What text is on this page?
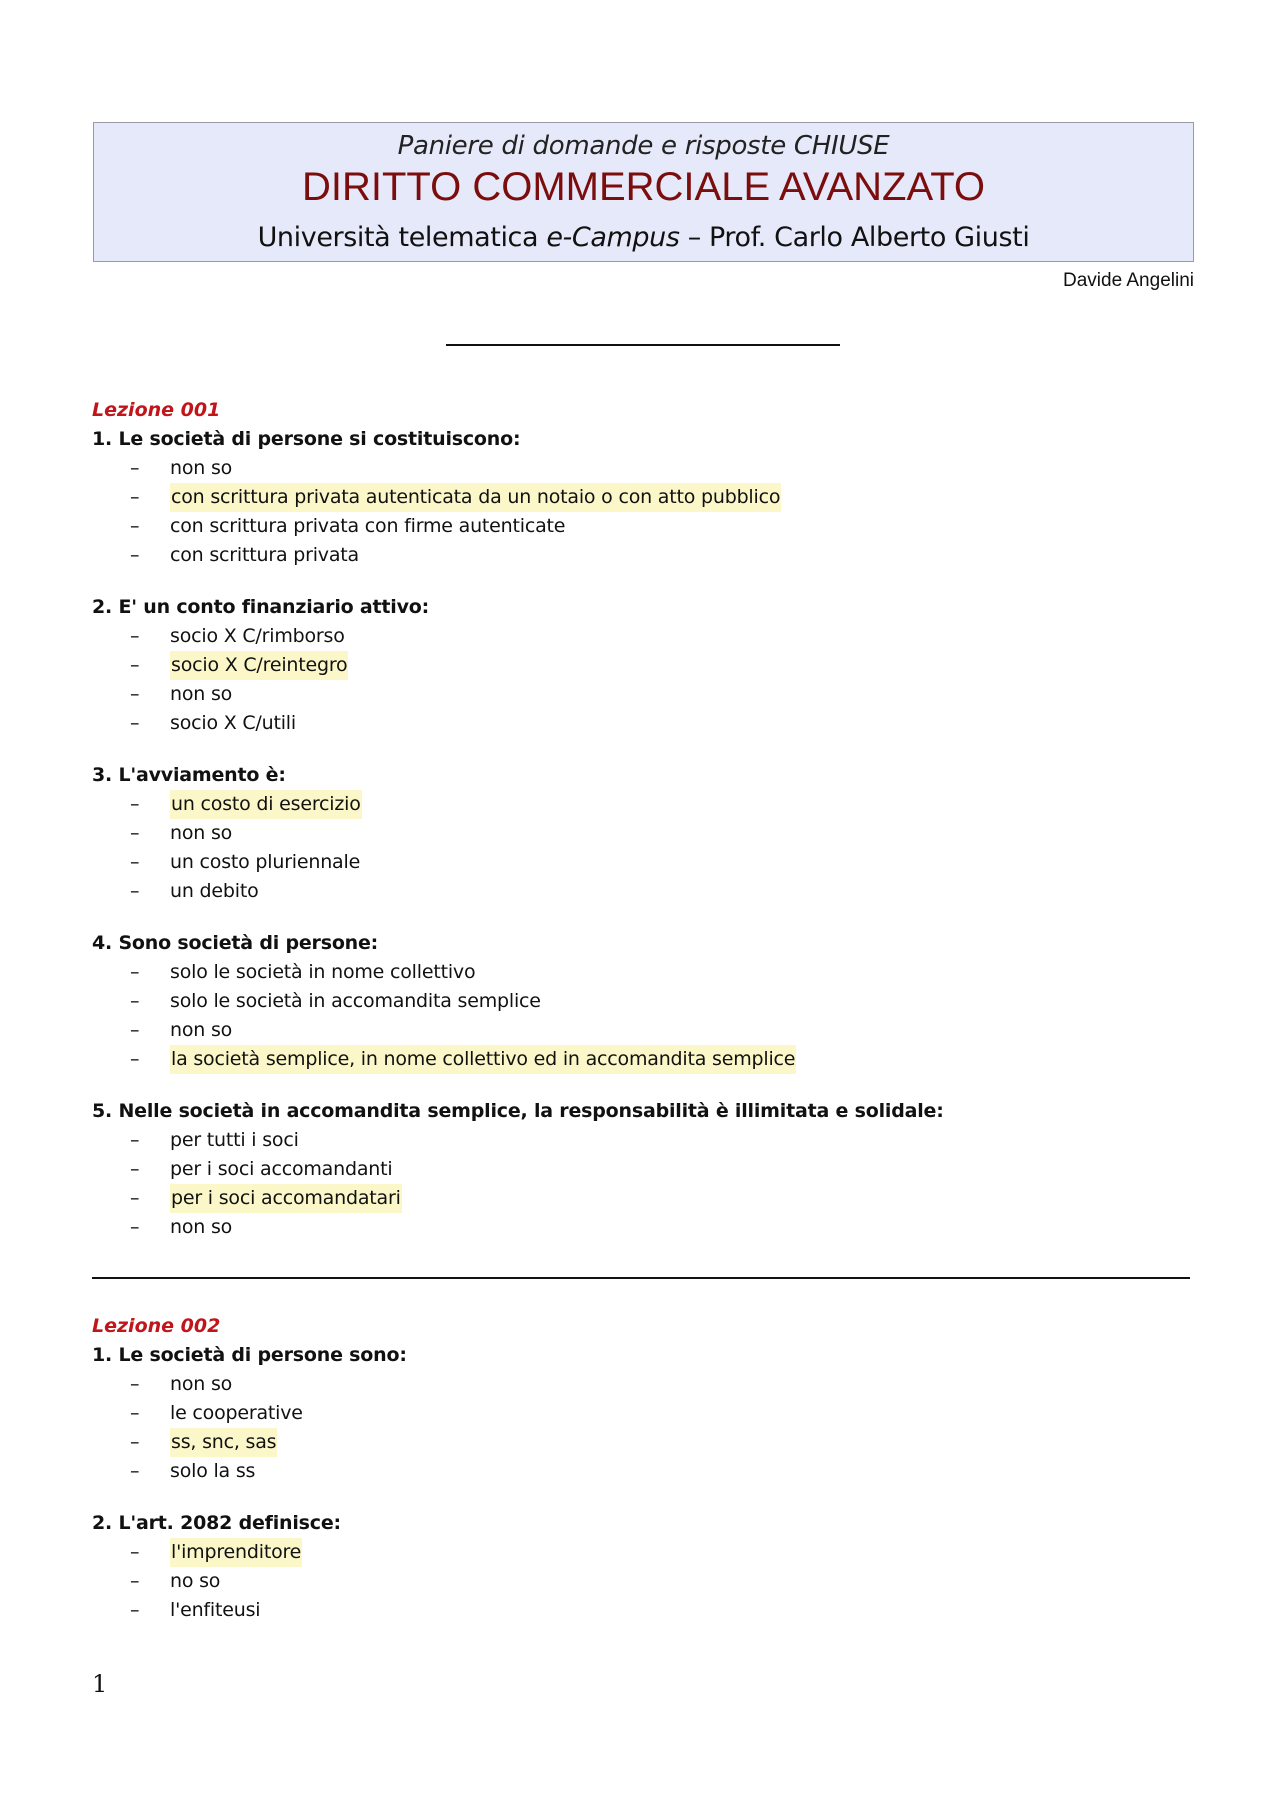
Paniere di domande e risposte CHIUSE
DIRITTO COMMERCIALE AVANZATO
Università telematica e-Campus – Prof. Carlo Alberto Giusti
Davide Angelini
Lezione 001
1. Le società di persone si costituiscono:
– non so
– con scrittura privata autenticata da un notaio o con atto pubblico
– con scrittura privata con firme autenticate
– con scrittura privata
2. E' un conto finanziario attivo:
– socio X C/rimborso
– socio X C/reintegro
– non so
– socio X C/utili
3. L'avviamento è:
– un costo di esercizio
– non so
– un costo pluriennale
– un debito
4. Sono società di persone:
– solo le società in nome collettivo
– solo le società in accomandita semplice
– non so
– la società semplice, in nome collettivo ed in accomandita semplice
5. Nelle società in accomandita semplice, la responsabilità è illimitata e solidale:
– per tutti i soci
– per i soci accomandanti
– per i soci accomandatari
– non so
Lezione 002
1. Le società di persone sono:
– non so
– le cooperative
– ss, snc, sas
– solo la ss
2. L'art. 2082 definisce:
– l'imprenditore
– no so
– l'enfiteusi
1
